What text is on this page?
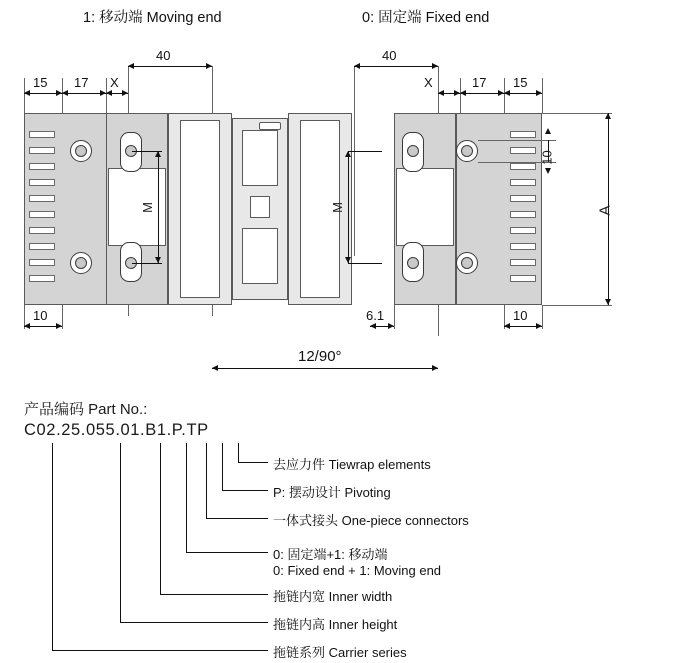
1: 移动端 Moving end	0: 固定端 Fixed end
40	40
15 17 X	X	17 15
M	M
10
A
10	6.1	10
12/90°
产品编码 Part No.:
C02.25.055.01.B1.P.TP
去应力件 Tiewrap elements
P: 摆动设计 Pivoting
一体式接头 One-piece connectors
0: 固定端+1: 移动端
0: Fixed end + 1: Moving end
拖链内宽 Inner width
拖链内高 Inner height
拖链系列 Carrier series
